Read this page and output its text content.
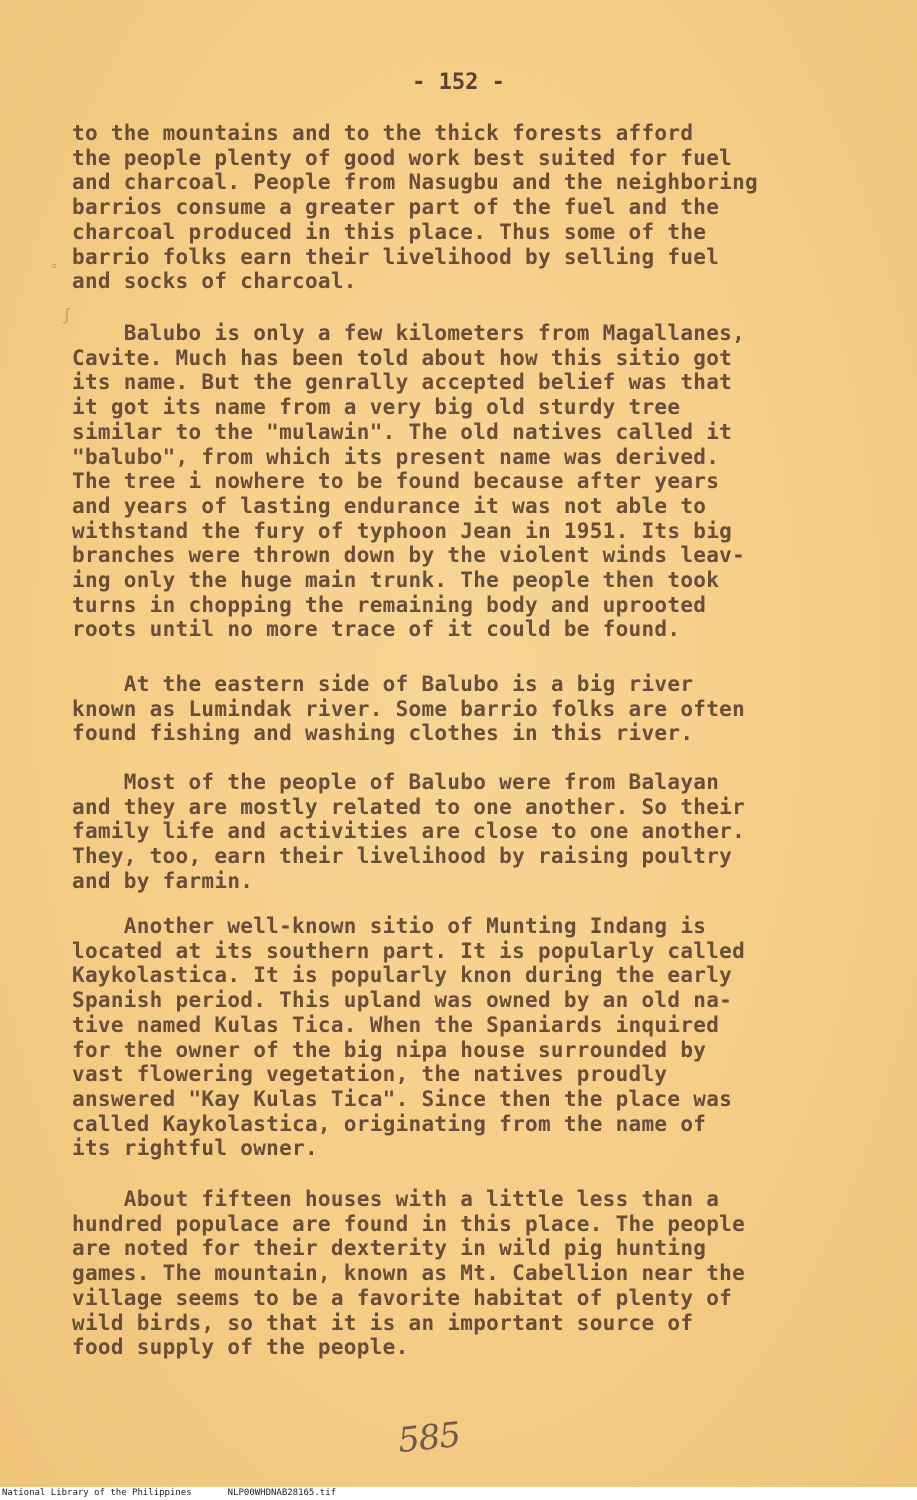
- 152 -
to the mountains and to the thick forests afford
the people plenty of good work best suited for fuel
and charcoal. People from Nasugbu and the neighboring
barrios consume a greater part of the fuel and the
charcoal produced in this place. Thus some of the
barrio folks earn their livelihood by selling fuel
and socks of charcoal.
Balubo is only a few kilometers from Magallanes,
Cavite. Much has been told about how this sitio got
its name. But the genrally accepted belief was that
it got its name from a very big old sturdy tree
similar to the "mulawin". The old natives called it
"balubo", from which its present name was derived.
The tree i nowhere to be found because after years
and years of lasting endurance it was not able to
withstand the fury of typhoon Jean in 1951. Its big
branches were thrown down by the violent winds leav-
ing only the huge main trunk. The people then took
turns in chopping the remaining body and uprooted
roots until no more trace of it could be found.
At the eastern side of Balubo is a big river
known as Lumindak river. Some barrio folks are often
found fishing and washing clothes in this river.
Most of the people of Balubo were from Balayan
and they are mostly related to one another. So their
family life and activities are close to one another.
They, too, earn their livelihood by raising poultry
and by farmin.
Another well-known sitio of Munting Indang is
located at its southern part. It is popularly called
Kaykolastica. It is popularly knon during the early
Spanish period. This upland was owned by an old na-
tive named Kulas Tica. When the Spaniards inquired
for the owner of the big nipa house surrounded by
vast flowering vegetation, the natives proudly
answered "Kay Kulas Tica". Since then the place was
called Kaykolastica, originating from the name of
its rightful owner.
About fifteen houses with a little less than a
hundred populace are found in this place. The people
are noted for their dexterity in wild pig hunting
games. The mountain, known as Mt. Cabellion near the
village seems to be a favorite habitat of plenty of
wild birds, so that it is an important source of
food supply of the people.
°
ʃ
585
National Library of the Philippines	NLP00WHDNAB28165.tif
